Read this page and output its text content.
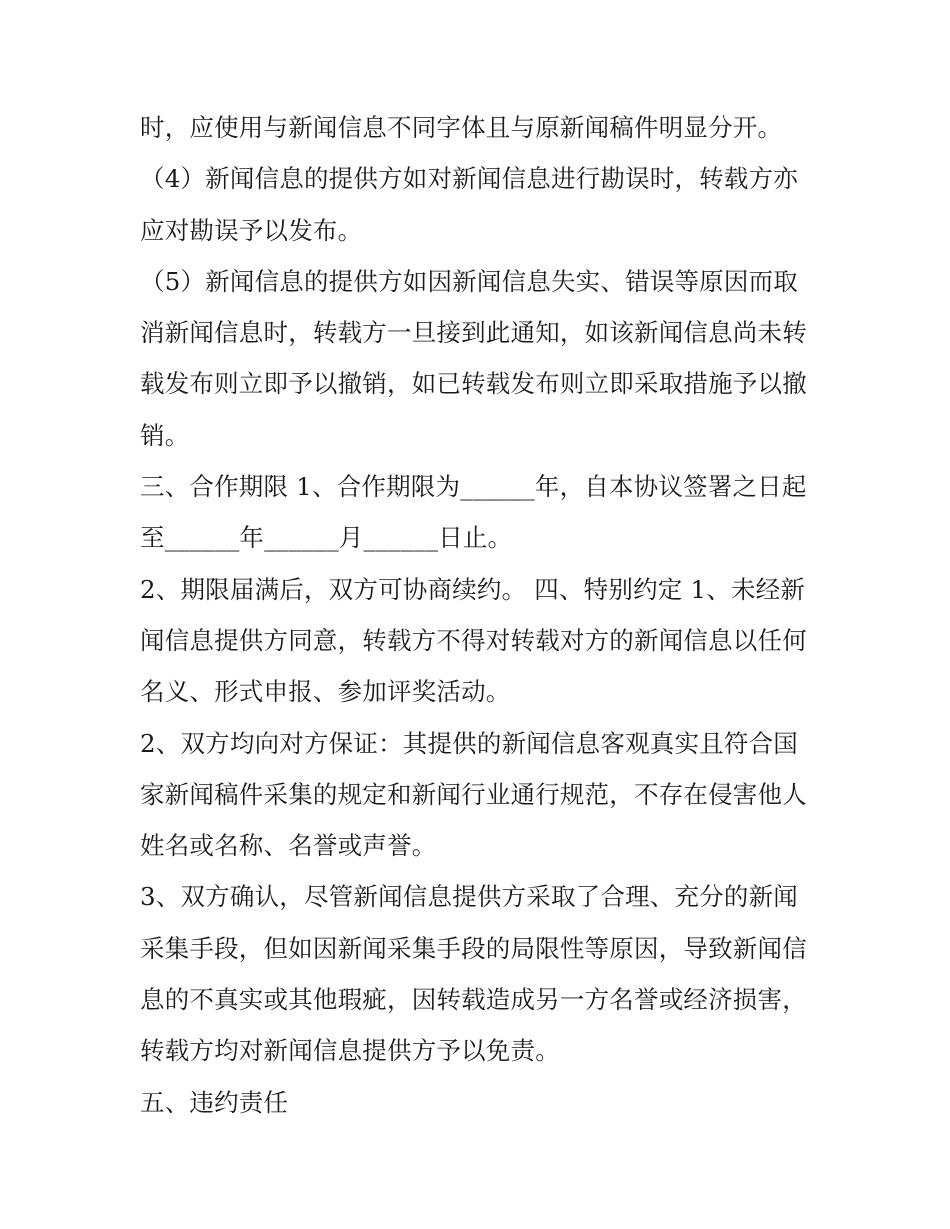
时，应使用与新闻信息不同字体且与原新闻稿件明显分开。
（4）新闻信息的提供方如对新闻信息进行勘误时，转载方亦
应对勘误予以发布。
（5）新闻信息的提供方如因新闻信息失实、错误等原因而取
消新闻信息时，转载方一旦接到此通知，如该新闻信息尚未转
载发布则立即予以撤销，如已转载发布则立即采取措施予以撤
销。
三、合作期限 1、合作期限为______年，自本协议签署之日起
至______年______月______日止。
2、期限届满后，双方可协商续约。 四、特别约定 1、未经新
闻信息提供方同意，转载方不得对转载对方的新闻信息以任何
名义、形式申报、参加评奖活动。
2、双方均向对方保证：其提供的新闻信息客观真实且符合国
家新闻稿件采集的规定和新闻行业通行规范，不存在侵害他人
姓名或名称、名誉或声誉。
3、双方确认，尽管新闻信息提供方采取了合理、充分的新闻
采集手段，但如因新闻采集手段的局限性等原因，导致新闻信
息的不真实或其他瑕疵，因转载造成另一方名誉或经济损害，
转载方均对新闻信息提供方予以免责。
五、违约责任
